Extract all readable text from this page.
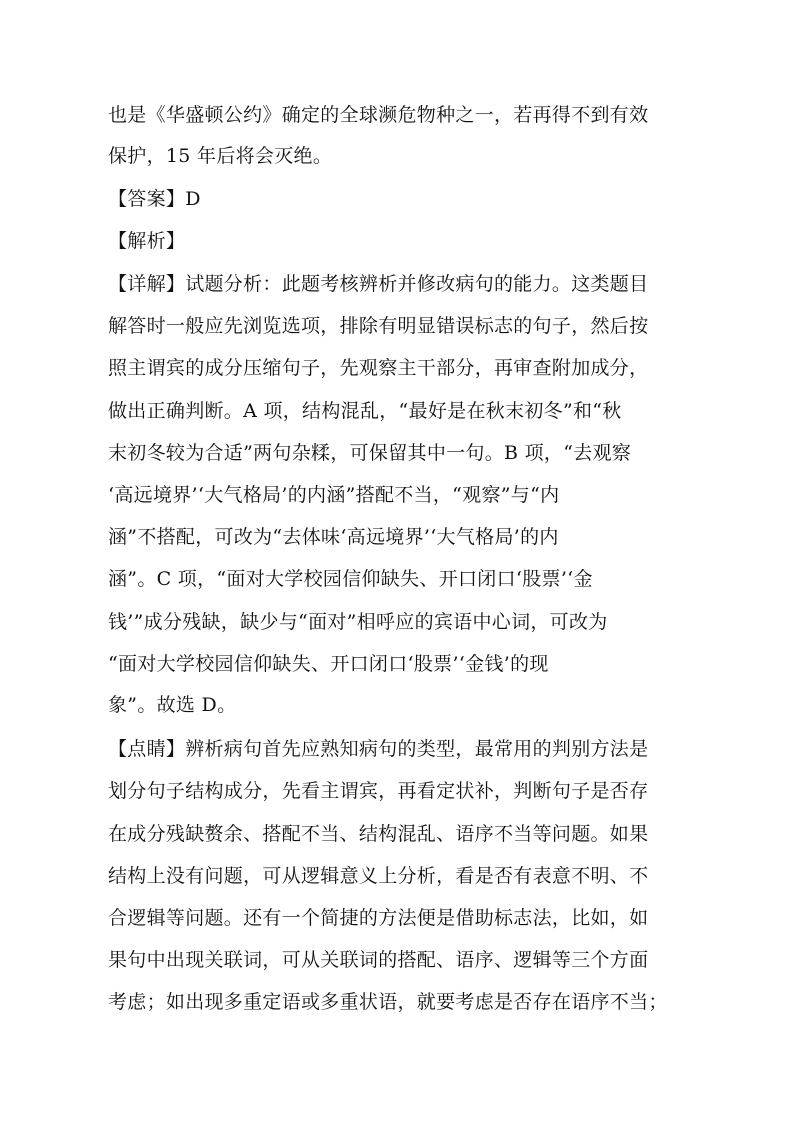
也是《华盛顿公约》确定的全球濒危物种之一，若再得不到有效
保护，15 年后将会灭绝。
【答案】D
【解析】
【详解】试题分析：此题考核辨析并修改病句的能力。这类题目
解答时一般应先浏览选项，排除有明显错误标志的句子，然后按
照主谓宾的成分压缩句子，先观察主干部分，再审查附加成分，
做出正确判断。A 项，结构混乱，“最好是在秋末初冬”和“秋
末初冬较为合适”两句杂糅，可保留其中一句。B 项，“去观察
‘高远境界’‘大气格局’的内涵”搭配不当，“观察”与“内
涵”不搭配，可改为“去体味‘高远境界’‘大气格局’的内
涵”。C 项，“面对大学校园信仰缺失、开口闭口‘股票’‘金
钱’”成分残缺，缺少与“面对”相呼应的宾语中心词，可改为
“面对大学校园信仰缺失、开口闭口‘股票’‘金钱’的现
象”。故选 D。
【点睛】辨析病句首先应熟知病句的类型，最常用的判别方法是
划分句子结构成分，先看主谓宾，再看定状补，判断句子是否存
在成分残缺赘余、搭配不当、结构混乱、语序不当等问题。如果
结构上没有问题，可从逻辑意义上分析，看是否有表意不明、不
合逻辑等问题。还有一个简捷的方法便是借助标志法，比如，如
果句中出现关联词，可从关联词的搭配、语序、逻辑等三个方面
考虑；如出现多重定语或多重状语，就要考虑是否存在语序不当；
